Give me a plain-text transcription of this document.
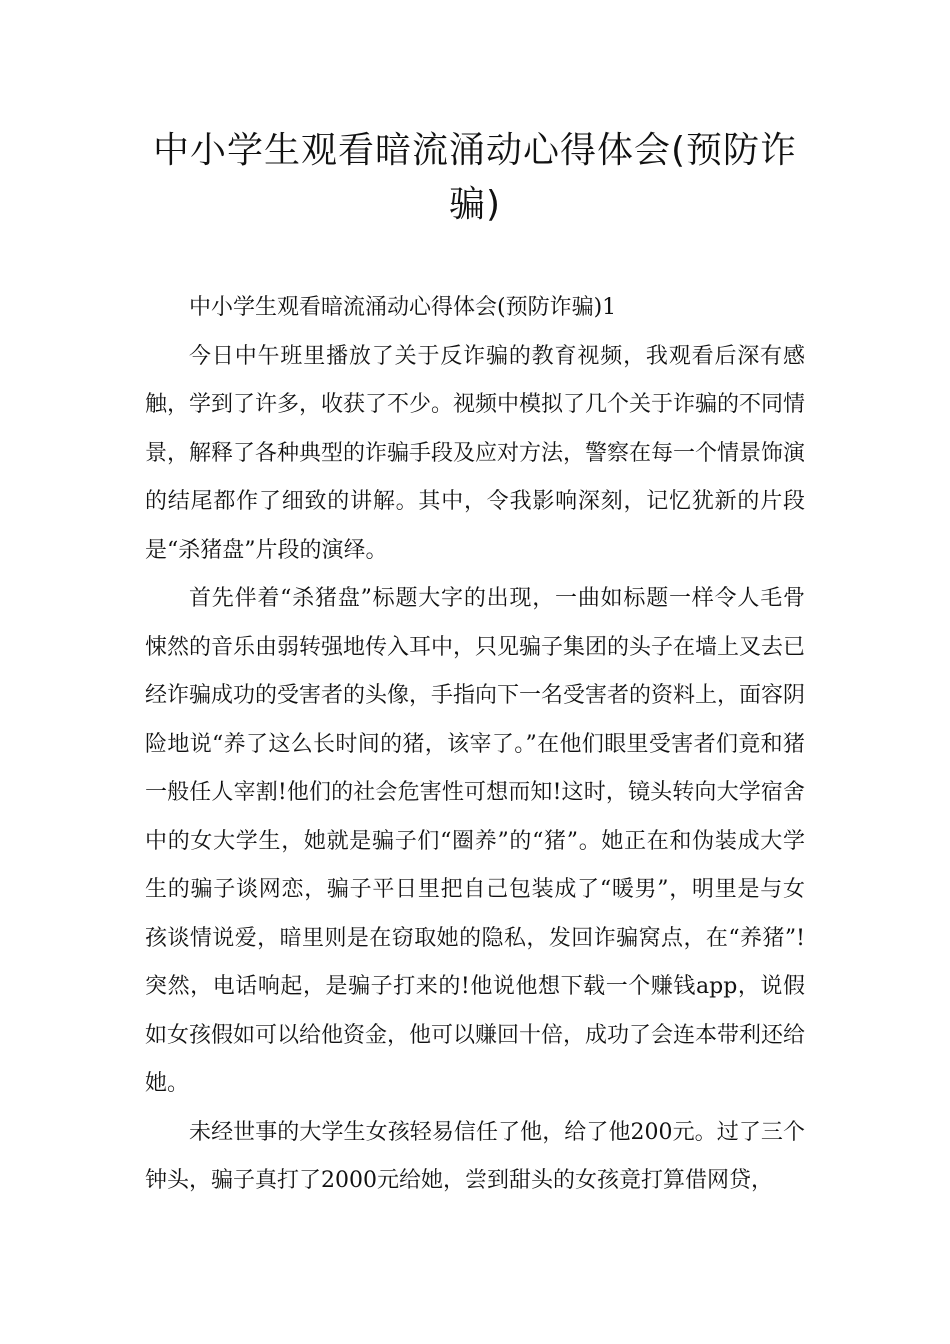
中小学生观看暗流涌动心得体会(预防诈骗)

中小学生观看暗流涌动心得体会(预防诈骗)1

今日中午班里播放了关于反诈骗的教育视频，我观看后深有感触，学到了许多，收获了不少。视频中模拟了几个关于诈骗的不同情景，解释了各种典型的诈骗手段及应对方法，警察在每一个情景饰演的结尾都作了细致的讲解。其中，令我影响深刻，记忆犹新的片段是“杀猪盘”片段的演绎。

首先伴着“杀猪盘”标题大字的出现，一曲如标题一样令人毛骨悚然的音乐由弱转强地传入耳中，只见骗子集团的头子在墙上叉去已经诈骗成功的受害者的头像，手指向下一名受害者的资料上，面容阴险地说“养了这么长时间的猪，该宰了。”在他们眼里受害者们竟和猪一般任人宰割!他们的社会危害性可想而知!这时，镜头转向大学宿舍中的女大学生，她就是骗子们“圈养”的“猪”。她正在和伪装成大学生的骗子谈网恋，骗子平日里把自己包装成了“暖男”，明里是与女孩谈情说爱，暗里则是在窃取她的隐私，发回诈骗窝点，在“养猪”!突然，电话响起，是骗子打来的!他说他想下载一个赚钱app，说假如女孩假如可以给他资金，他可以赚回十倍，成功了会连本带利还给她。

未经世事的大学生女孩轻易信任了他，给了他200元。过了三个钟头，骗子真打了2000元给她，尝到甜头的女孩竟打算借网贷，
